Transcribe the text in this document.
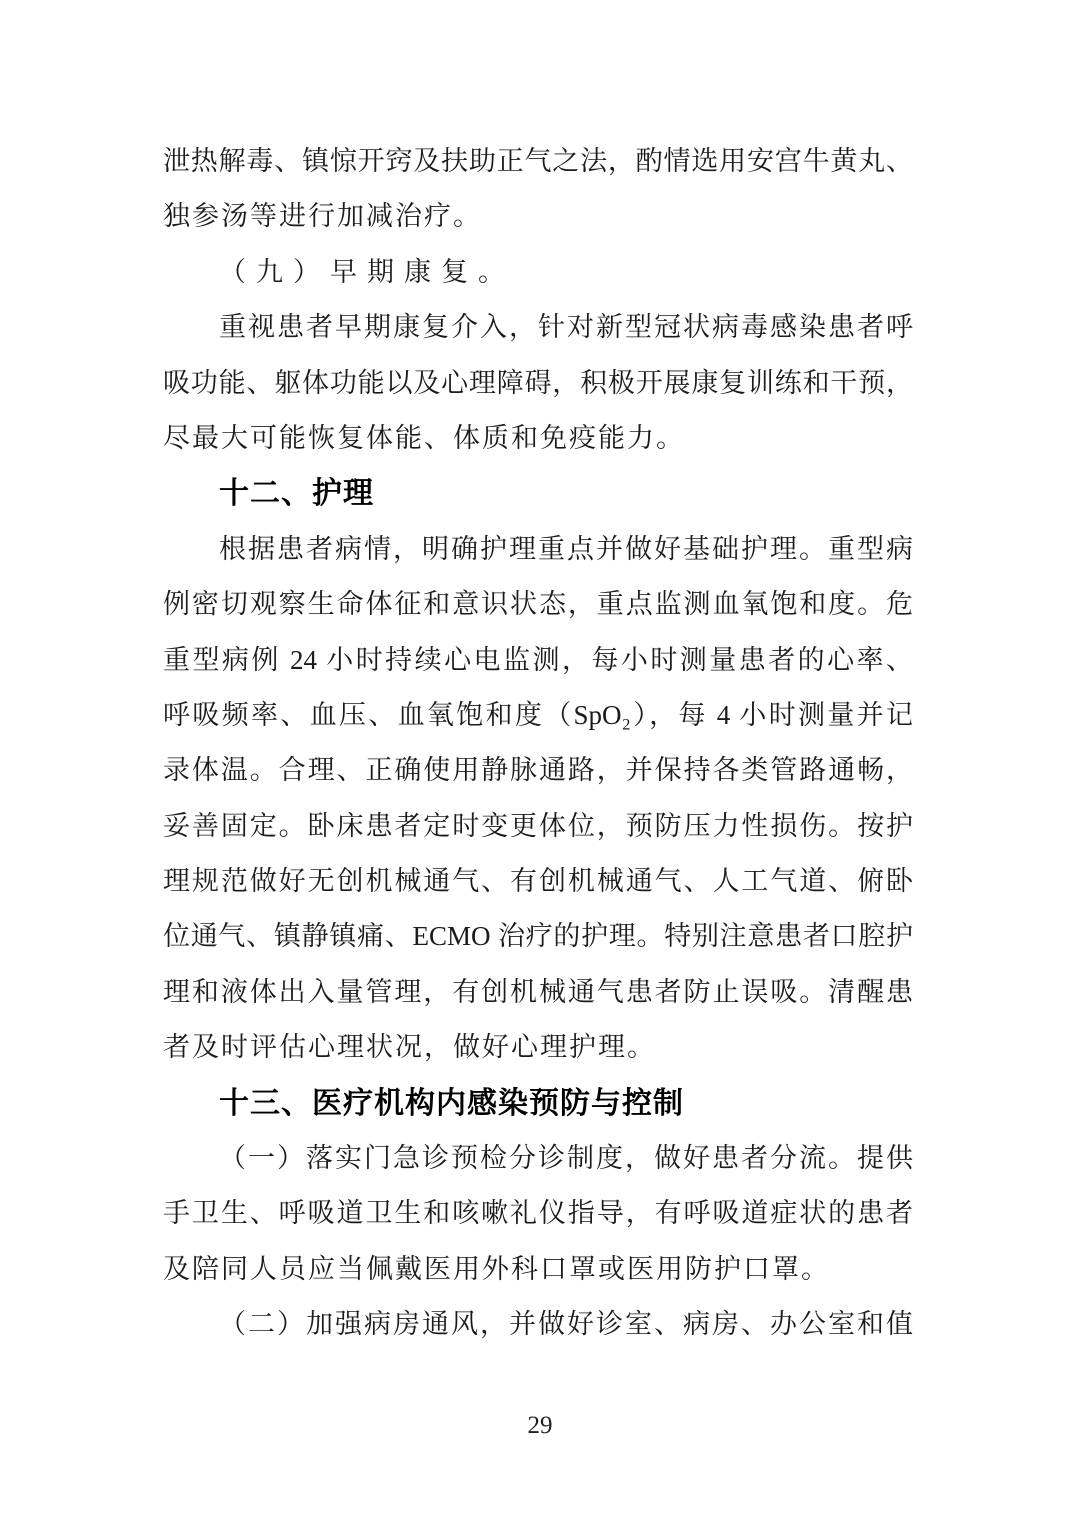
泄热解毒、镇惊开窍及扶助正气之法，酌情选用安宫牛黄丸、
独参汤等进行加减治疗。
（九）早期康复。
重视患者早期康复介入，针对新型冠状病毒感染患者呼
吸功能、躯体功能以及心理障碍，积极开展康复训练和干预，
尽最大可能恢复体能、体质和免疫能力。
十二、护理
根据患者病情，明确护理重点并做好基础护理。重型病
例密切观察生命体征和意识状态，重点监测血氧饱和度。危
重型病例 24 小时持续心电监测，每小时测量患者的心率、
呼吸频率、血压、血氧饱和度（SpO₂），每 4 小时测量并记
录体温。合理、正确使用静脉通路，并保持各类管路通畅，
妥善固定。卧床患者定时变更体位，预防压力性损伤。按护
理规范做好无创机械通气、有创机械通气、人工气道、俯卧
位通气、镇静镇痛、ECMO 治疗的护理。特别注意患者口腔护
理和液体出入量管理，有创机械通气患者防止误吸。清醒患
者及时评估心理状况，做好心理护理。
十三、医疗机构内感染预防与控制
（一）落实门急诊预检分诊制度，做好患者分流。提供
手卫生、呼吸道卫生和咳嗽礼仪指导，有呼吸道症状的患者
及陪同人员应当佩戴医用外科口罩或医用防护口罩。
（二）加强病房通风，并做好诊室、病房、办公室和值
29
